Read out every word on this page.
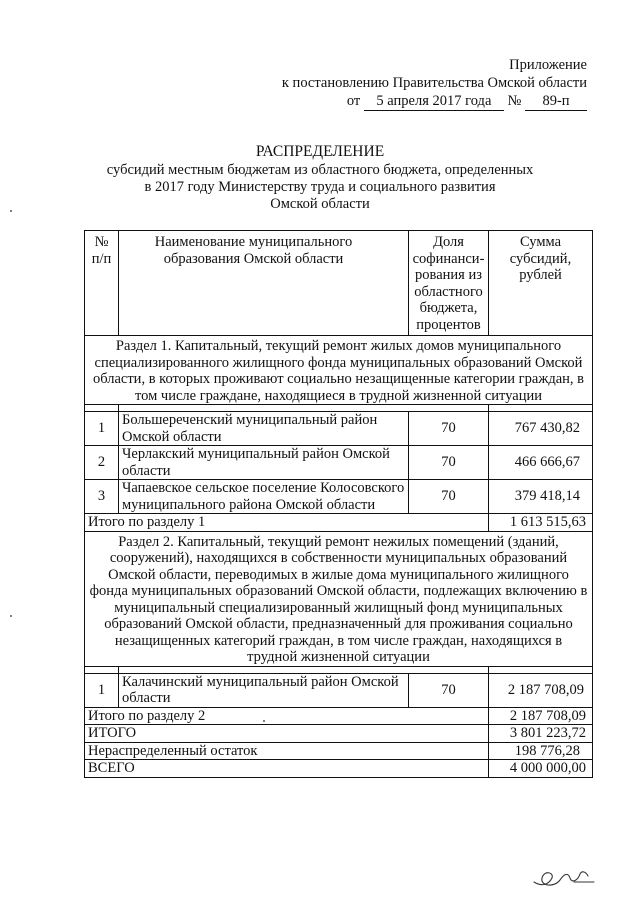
Приложение
к постановлению Правительства Омской области
от 5 апреля 2017 года № 89-п
РАСПРЕДЕЛЕНИЕ
субсидий местным бюджетам из областного бюджета, определенных
в 2017 году Министерству труда и социального развития
Омской области
№ п/п	Наименование муниципального образования Омской области	Доля софинанси-рования из областного бюджета, процентов	Сумма субсидий, рублей
Раздел 1. Капитальный, текущий ремонт жилых домов муниципального специализированного жилищного фонда муниципальных образований Омской области, в которых проживают социально незащищенные категории граждан, в том числе граждане, находящиеся в трудной жизненной ситуации			

1	Большереченский муниципальный район Омской области	70	767 430,82
2	Черлакский муниципальный район Омской области	70	466 666,67
3	Чапаевское сельское поселение Колосовского муниципального района Омской области	70	379 418,14
Итого по разделу 1			1 613 515,63
Раздел 2. Капитальный, текущий ремонт нежилых помещений (зданий, сооружений), находящихся в собственности муниципальных образований Омской области, переводимых в жилые дома муниципального жилищного фонда муниципальных образований Омской области, подлежащих включению в муниципальный специализированный жилищный фонд муниципальных образований Омской области, предназначенный для проживания социально незащищенных категорий граждан, в том числе граждан, находящихся в трудной жизненной ситуации			

1	Калачинский муниципальный район Омской области	70	2 187 708,09
Итого по разделу 2			2 187 708,09
ИТОГО			3 801 223,72
Нераспределенный остаток			198 776,28
ВСЕГО			4 000 000,00
